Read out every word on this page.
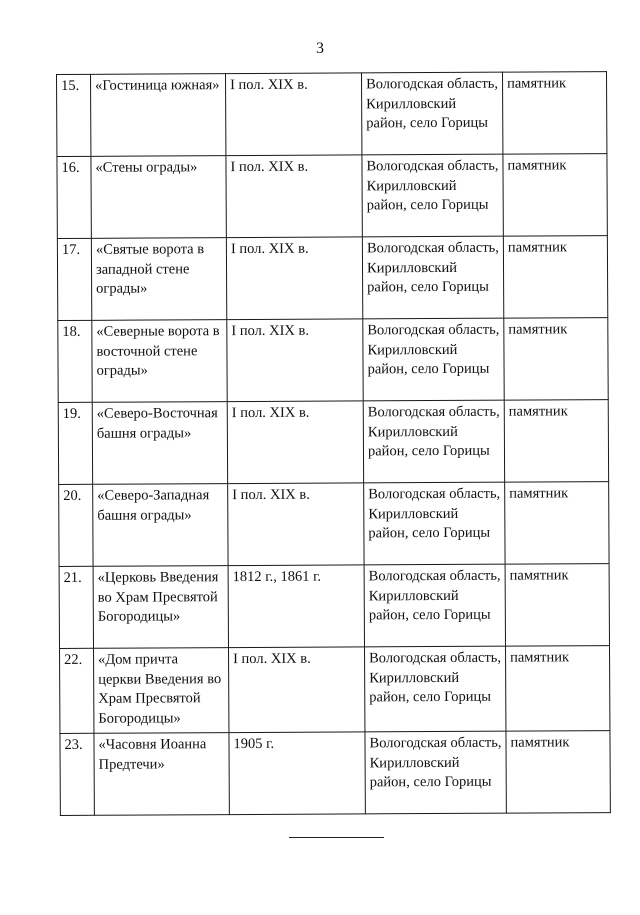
3
15.	«Гостиница южная»	I пол. XIX в.	Вологодская область, Кирилловский район, село Горицы	памятник
16.	«Стены ограды»	I пол. XIX в.	Вологодская область, Кирилловский район, село Горицы	памятник
17.	«Святые ворота в западной стене ограды»	I пол. XIX в.	Вологодская область, Кирилловский район, село Горицы	памятник
18.	«Северные ворота в восточной стене ограды»	I пол. XIX в.	Вологодская область, Кирилловский район, село Горицы	памятник
19.	«Северо-Восточная башня ограды»	I пол. XIX в.	Вологодская область, Кирилловский район, село Горицы	памятник
20.	«Северо-Западная башня ограды»	I пол. XIX в.	Вологодская область, Кирилловский район, село Горицы	памятник
21.	«Церковь Введения во Храм Пресвятой Богородицы»	1812 г., 1861 г.	Вологодская область, Кирилловский район, село Горицы	памятник
22.	«Дом причта церкви Введения во Храм Пресвятой Богородицы»	I пол. XIX в.	Вологодская область, Кирилловский район, село Горицы	памятник
23.	«Часовня Иоанна Предтечи»	1905 г.	Вологодская область, Кирилловский район, село Горицы	памятник
